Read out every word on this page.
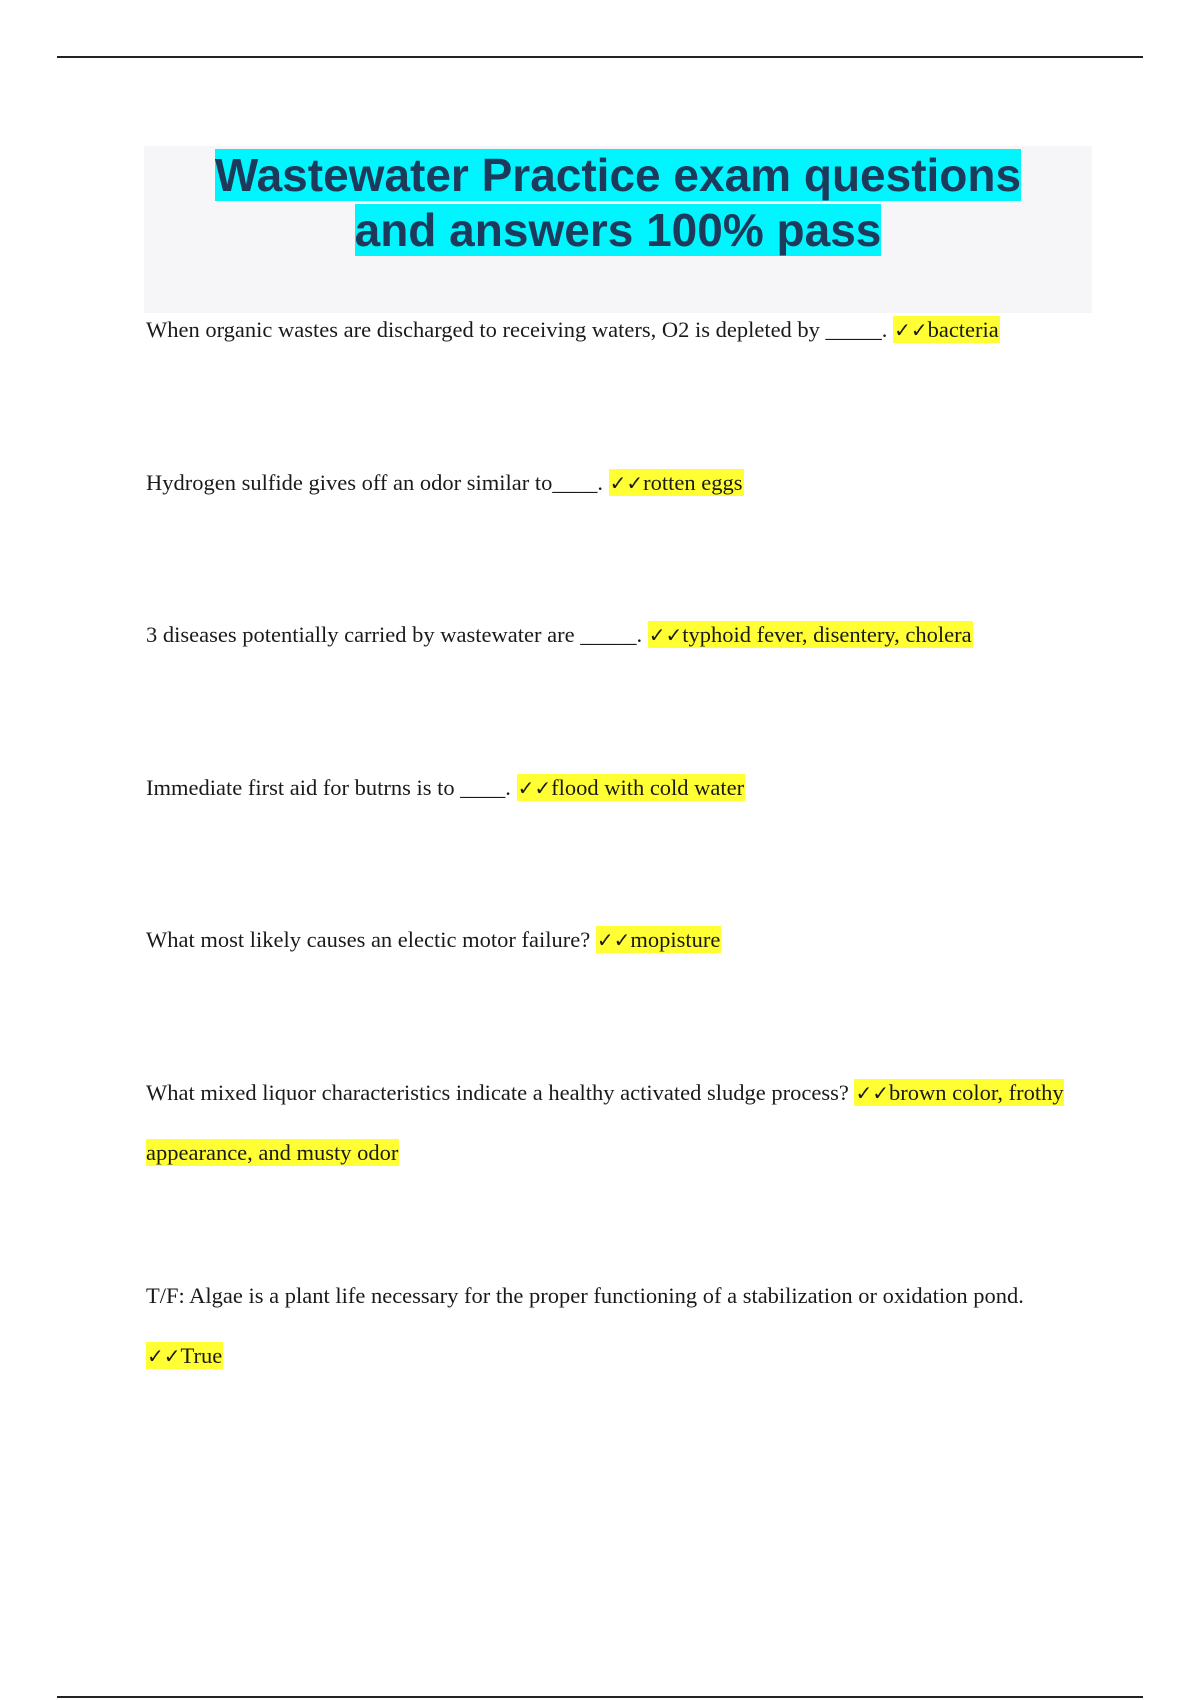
Wastewater Practice exam questions
and answers 100% pass

When organic wastes are discharged to receiving waters, O2 is depleted by _____. ✓✓bacteria

Hydrogen sulfide gives off an odor similar to____. ✓✓rotten eggs

3 diseases potentially carried by wastewater are _____. ✓✓typhoid fever, disentery, cholera

Immediate first aid for butrns is to ____. ✓✓flood with cold water

What most likely causes an electic motor failure? ✓✓mopisture

What mixed liquor characteristics indicate a healthy activated sludge process? ✓✓brown color, frothy appearance, and musty odor

T/F: Algae is a plant life necessary for the proper functioning of a stabilization or oxidation pond. ✓✓True
